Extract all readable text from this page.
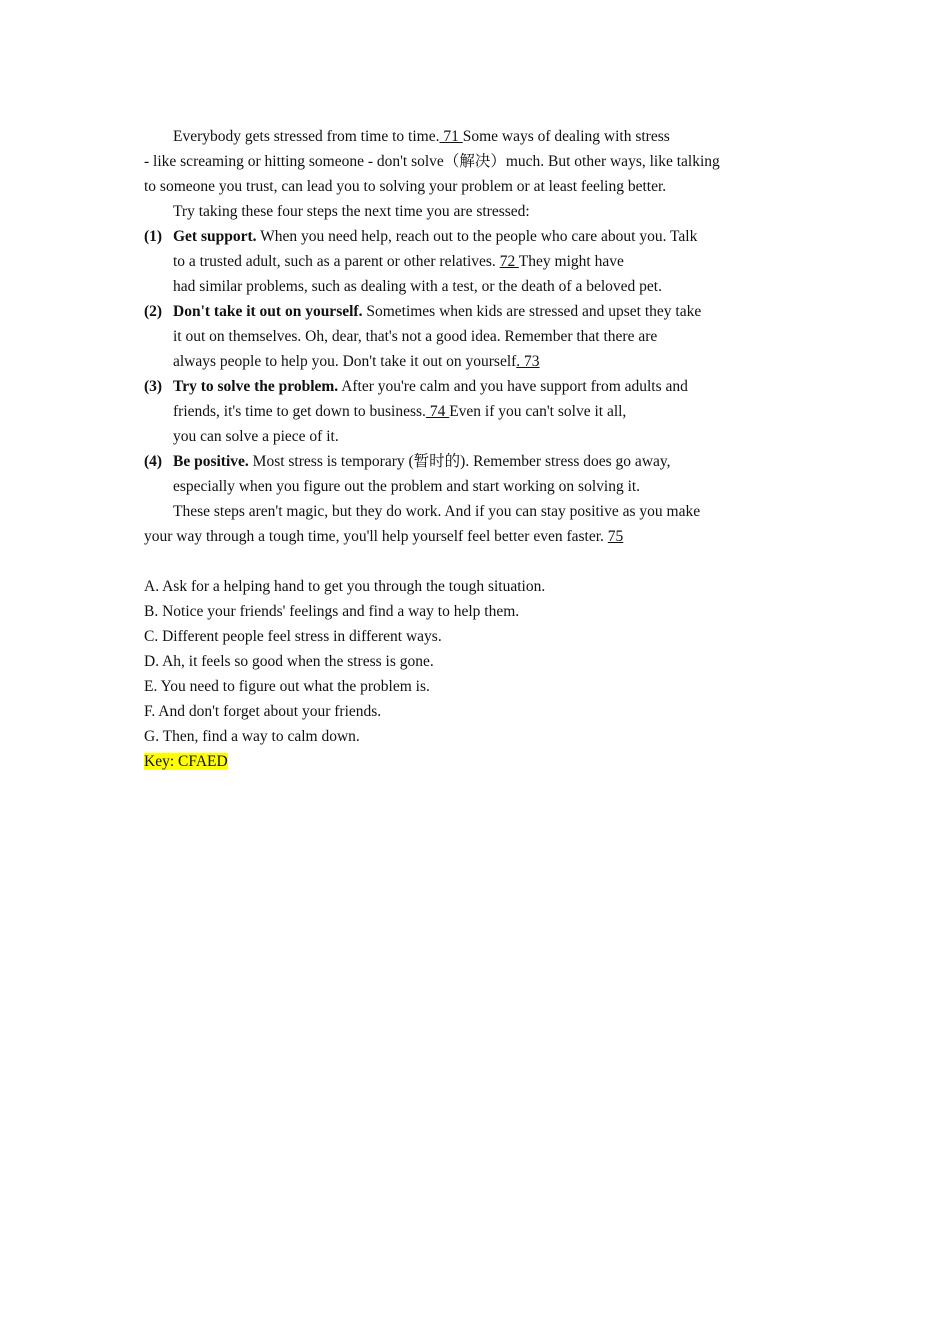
Everybody gets stressed from time to time. 71 Some ways of dealing with stress
- like screaming or hitting someone - don't solve（解决）much. But other ways, like talking
to someone you trust, can lead you to solving your problem or at least feeling better.
Try taking these four steps the next time you are stressed:
(1) Get support. When you need help, reach out to the people who care about you. Talk
to a trusted adult, such as a parent or other relatives. 72 They might have
had similar problems, such as dealing with a test, or the death of a beloved pet.
(2) Don't take it out on yourself. Sometimes when kids are stressed and upset they take
it out on themselves. Oh, dear, that's not a good idea. Remember that there are
always people to help you. Don't take it out on yourself. 73
(3) Try to solve the problem. After you're calm and you have support from adults and
friends, it's time to get down to business. 74 Even if you can't solve it all,
you can solve a piece of it.
(4) Be positive. Most stress is temporary (暂时的). Remember stress does go away,
especially when you figure out the problem and start working on solving it.
These steps aren't magic, but they do work. And if you can stay positive as you make
your way through a tough time, you'll help yourself feel better even faster. 75
A. Ask for a helping hand to get you through the tough situation.
B. Notice your friends' feelings and find a way to help them.
C. Different people feel stress in different ways.
D. Ah, it feels so good when the stress is gone.
E. You need to figure out what the problem is.
F. And don't forget about your friends.
G. Then, find a way to calm down.
Key: CFAED
